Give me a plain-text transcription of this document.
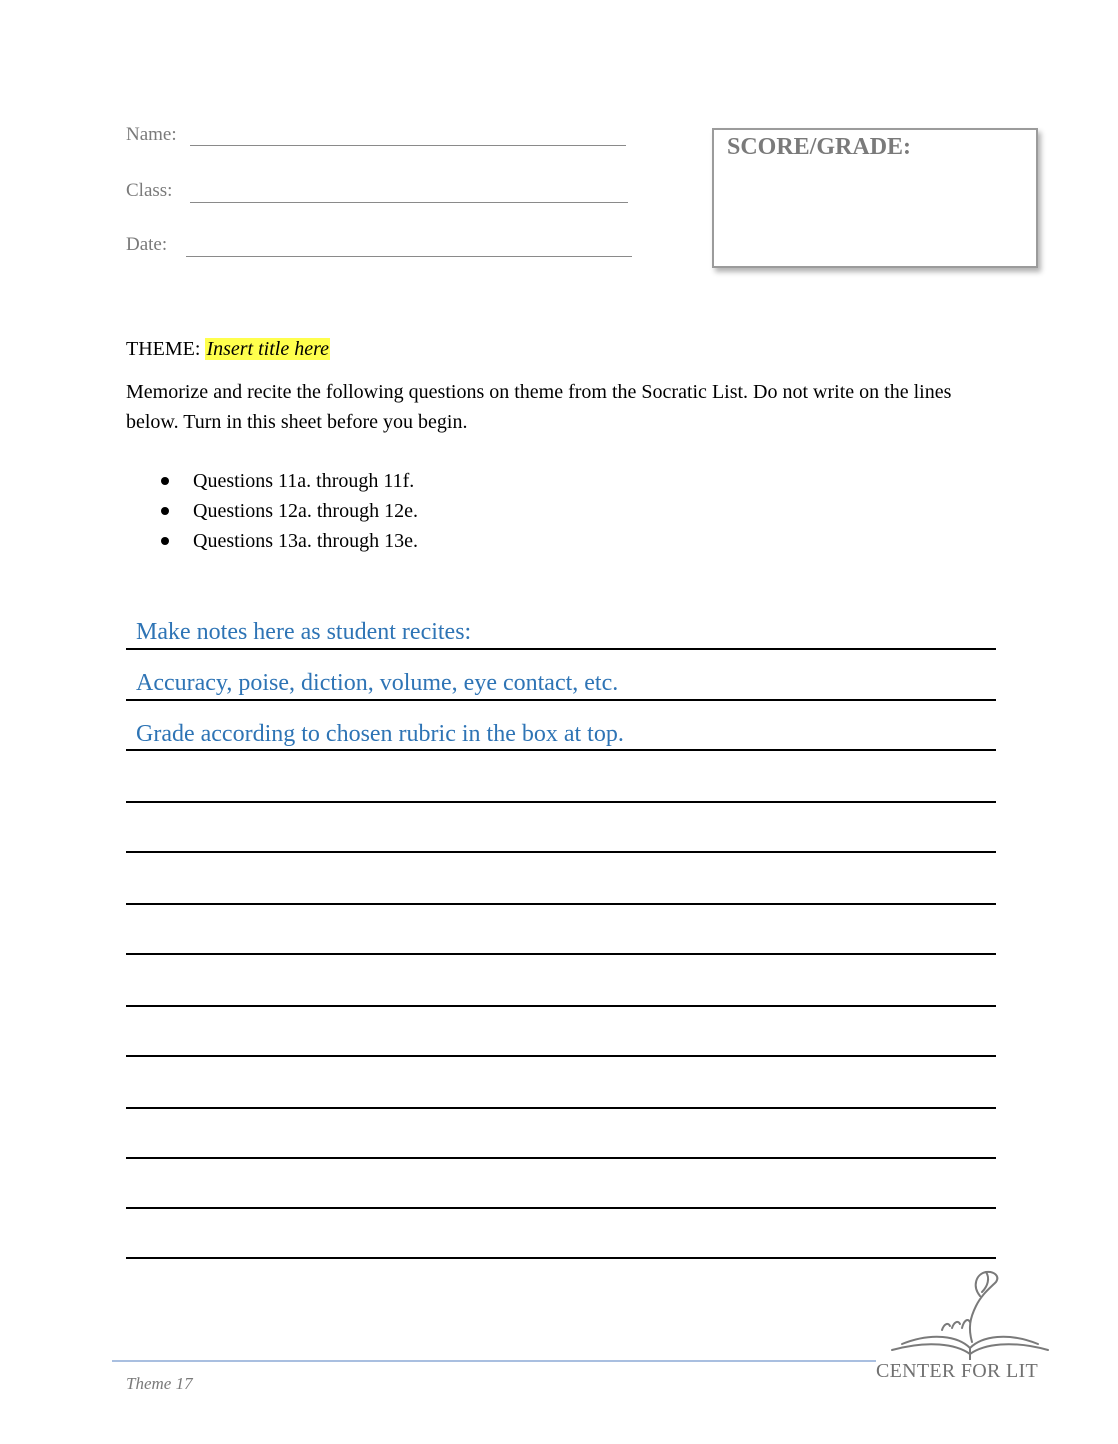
Name:
Class:
Date:
SCORE/GRADE:
THEME: Insert title here
Memorize and recite the following questions on theme from the Socratic List. Do not write on the lines below. Turn in this sheet before you begin.
Questions 11a. through 11f.
Questions 12a. through 12e.
Questions 13a. through 13e.
Make notes here as student recites:
Accuracy, poise, diction, volume, eye contact, etc.
Grade according to chosen rubric in the box at top.
Theme 17
CENTER FOR LIT
